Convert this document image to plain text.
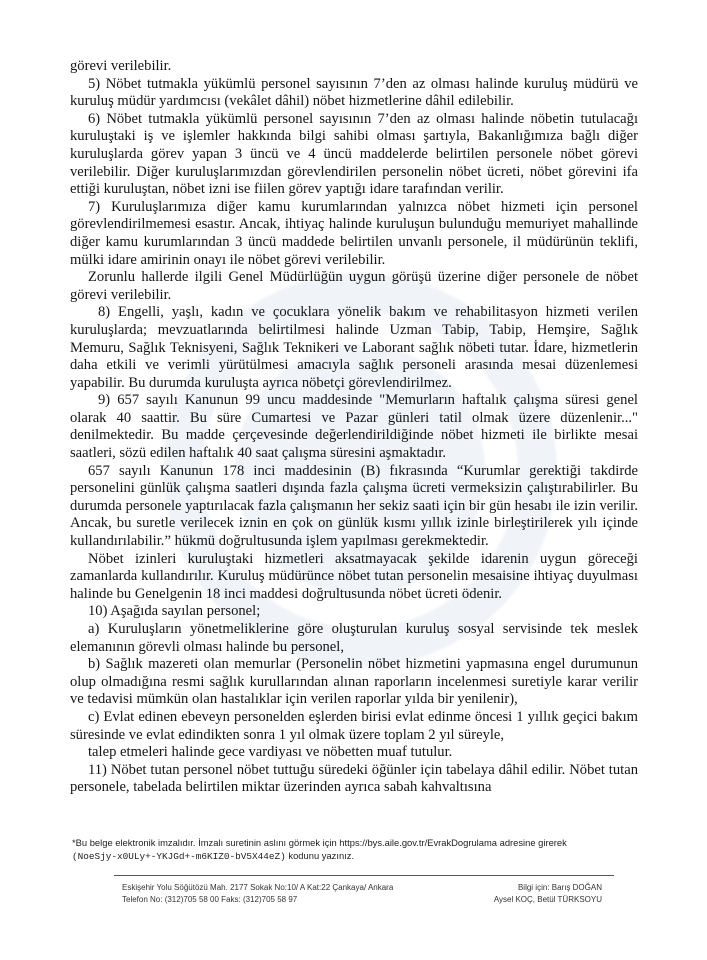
görevi verilebilir.

5) Nöbet tutmakla yükümlü personel sayısının 7’den az olması halinde kuruluş müdürü ve kuruluş müdür yardımcısı (vekâlet dâhil) nöbet hizmetlerine dâhil edilebilir.

6) Nöbet tutmakla yükümlü personel sayısının 7’den az olması halinde nöbetin tutulacağı kuruluştaki iş ve işlemler hakkında bilgi sahibi olması şartıyla, Bakanlığımıza bağlı diğer kuruluşlarda görev yapan 3 üncü ve 4 üncü maddelerde belirtilen personele nöbet görevi verilebilir. Diğer kuruluşlarımızdan görevlendirilen personelin nöbet ücreti, nöbet görevini ifa ettiği kuruluştan, nöbet izni ise fiilen görev yaptığı idare tarafından verilir.

7) Kuruluşlarımıza diğer kamu kurumlarından yalnızca nöbet hizmeti için personel görevlendirilmemesi esastır. Ancak, ihtiyaç halinde kuruluşun bulunduğu memuriyet mahallinde diğer kamu kurumlarından 3 üncü maddede belirtilen unvanlı personele, il müdürünün teklifi, mülki idare amirinin onayı ile nöbet görevi verilebilir.

Zorunlu hallerde ilgili Genel Müdürlüğün uygun görüşü üzerine diğer personele de nöbet görevi verilebilir.

8) Engelli, yaşlı, kadın ve çocuklara yönelik bakım ve rehabilitasyon hizmeti verilen kuruluşlarda; mevzuatlarında belirtilmesi halinde Uzman Tabip, Tabip, Hemşire, Sağlık Memuru, Sağlık Teknisyeni, Sağlık Teknikeri ve Laborant sağlık nöbeti tutar. İdare, hizmetlerin daha etkili ve verimli yürütülmesi amacıyla sağlık personeli arasında mesai düzenlemesi yapabilir. Bu durumda kuruluşta ayrıca nöbetçi görevlendirilmez.

9) 657 sayılı Kanunun 99 uncu maddesinde "Memurların haftalık çalışma süresi genel olarak 40 saattir. Bu süre Cumartesi ve Pazar günleri tatil olmak üzere düzenlenir..." denilmektedir. Bu madde çerçevesinde değerlendirildiğinde nöbet hizmeti ile birlikte mesai saatleri, sözü edilen haftalık 40 saat çalışma süresini aşmaktadır.

657 sayılı Kanunun 178 inci maddesinin (B) fıkrasında “Kurumlar gerektiği takdirde personelini günlük çalışma saatleri dışında fazla çalışma ücreti vermeksizin çalıştırabilirler. Bu durumda personele yaptırılacak fazla çalışmanın her sekiz saati için bir gün hesabı ile izin verilir. Ancak, bu suretle verilecek iznin en çok on günlük kısmı yıllık izinle birleştirilerek yılı içinde kullandırılabilir.” hükmü doğrultusunda işlem yapılması gerekmektedir.

Nöbet izinleri kuruluştaki hizmetleri aksatmayacak şekilde idarenin uygun göreceği zamanlarda kullandırılır. Kuruluş müdürünce nöbet tutan personelin mesaisine ihtiyaç duyulması halinde bu Genelgenin 18 inci maddesi doğrultusunda nöbet ücreti ödenir.

10) Aşağıda sayılan personel;

a) Kuruluşların yönetmeliklerine göre oluşturulan kuruluş sosyal servisinde tek meslek elemanının görevli olması halinde bu personel,

b) Sağlık mazereti olan memurlar (Personelin nöbet hizmetini yapmasına engel durumunun olup olmadığına resmi sağlık kurullarından alınan raporların incelenmesi suretiyle karar verilir ve tedavisi mümkün olan hastalıklar için verilen raporlar yılda bir yenilenir),

c) Evlat edinen ebeveyn personelden eşlerden birisi evlat edinme öncesi 1 yıllık geçici bakım süresinde ve evlat edindikten sonra 1 yıl olmak üzere toplam 2 yıl süreyle,

talep etmeleri halinde gece vardiyası ve nöbetten muaf tutulur.

11) Nöbet tutan personel nöbet tuttuğu süredeki öğünler için tabelaya dâhil edilir. Nöbet tutan personele, tabelada belirtilen miktar üzerinden ayrıca sabah kahvaltısına

*Bu belge elektronik imzalıdır. İmzalı suretinin aslını görmek için https://bys.aile.gov.tr/EvrakDogrulama adresine girerek
(NoeSjy-x0ULy+-YKJGd+-m6KIZ0-bV5X44eZ) kodunu yazınız.
Eskişehir Yolu Söğütözü Mah. 2177 Sokak No:10/ A Kat:22 Çankaya/ Ankara
Telefon No: (312)705 58 00 Faks: (312)705 58 97
Bilgi için: Barış DOĞAN
Aysel KOÇ, Betül TÜRKSOYU
